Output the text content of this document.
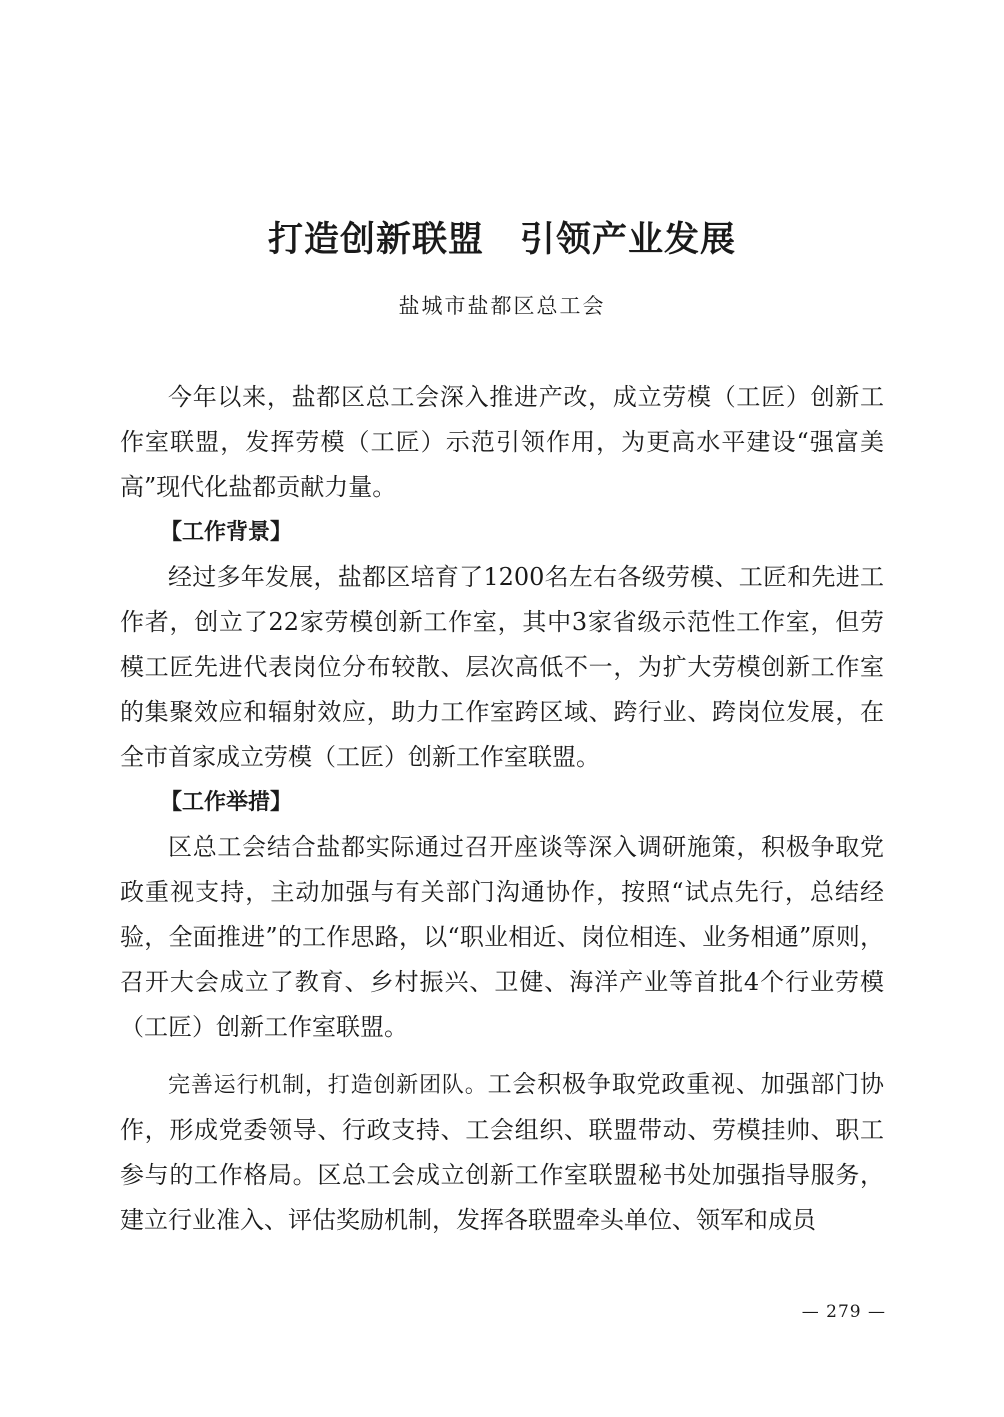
打造创新联盟　引领产业发展
盐城市盐都区总工会

今年以来，盐都区总工会深入推进产改，成立劳模（工匠）创新工作室联盟，发挥劳模（工匠）示范引领作用，为更高水平建设“强富美高”现代化盐都贡献力量。

【工作背景】

经过多年发展，盐都区培育了1200名左右各级劳模、工匠和先进工作者，创立了22家劳模创新工作室，其中3家省级示范性工作室，但劳模工匠先进代表岗位分布较散、层次高低不一，为扩大劳模创新工作室的集聚效应和辐射效应，助力工作室跨区域、跨行业、跨岗位发展，在全市首家成立劳模（工匠）创新工作室联盟。

【工作举措】

区总工会结合盐都实际通过召开座谈等深入调研施策，积极争取党政重视支持，主动加强与有关部门沟通协作，按照“试点先行，总结经验，全面推进”的工作思路，以“职业相近、岗位相连、业务相通”原则，召开大会成立了教育、乡村振兴、卫健、海洋产业等首批4个行业劳模（工匠）创新工作室联盟。

完善运行机制，打造创新团队。工会积极争取党政重视、加强部门协作，形成党委领导、行政支持、工会组织、联盟带动、劳模挂帅、职工参与的工作格局。区总工会成立创新工作室联盟秘书处加强指导服务，建立行业准入、评估奖励机制，发挥各联盟牵头单位、领军和成员

— 279 —
